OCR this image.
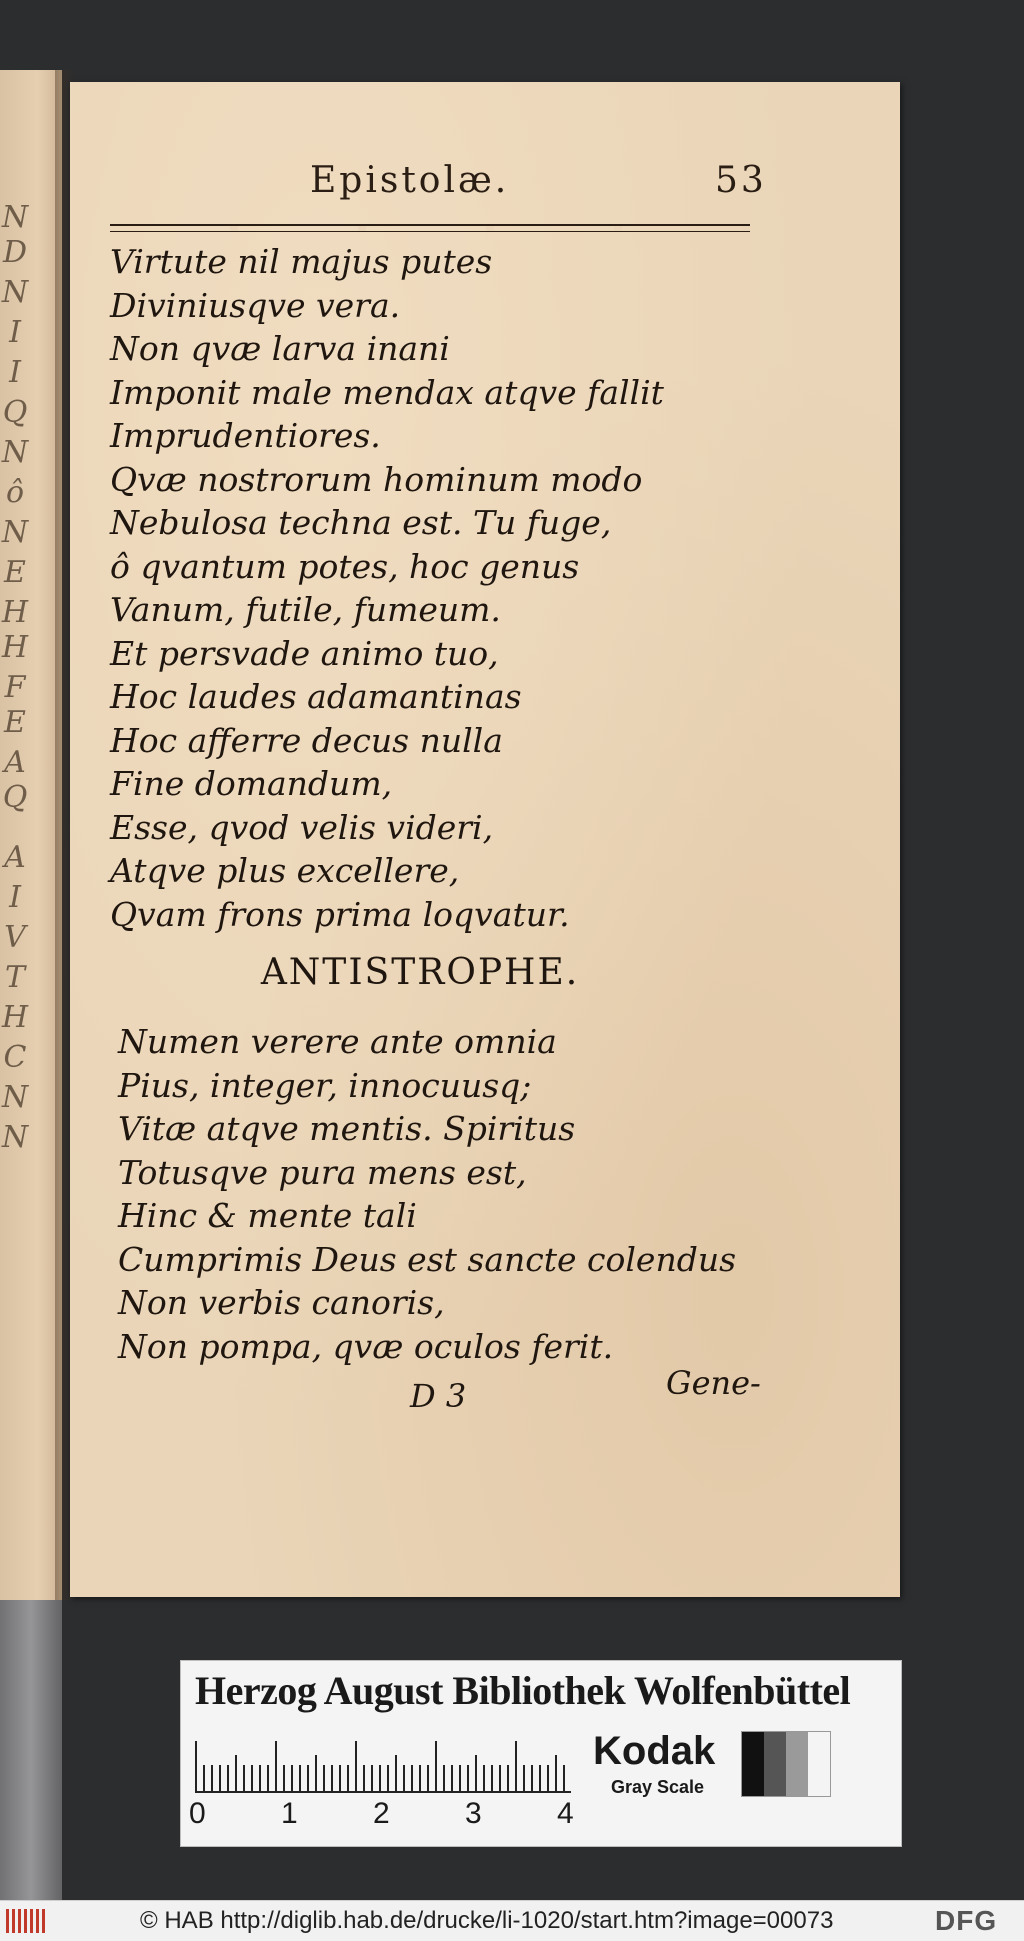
N
D
N
I
I
Q
N
ô
N
E
H
H
F
E
A
Q
A
I
V
T
H
C
N
N
Epistolæ.	53
Virtute nil majus putes
Diviniusqve vera.
Non qvæ larva inani
Imponit male mendax atqve fallit
Imprudentiores.
Qvæ nostrorum hominum modo
Nebulosa techna est. Tu fuge,
ô qvantum potes, hoc genus
Vanum, futile, fumeum.
Et persvade animo tuo,
Hoc laudes adamantinas
Hoc afferre decus nulla
Fine domandum,
Esse, qvod velis videri,
Atqve plus excellere,
Qvam frons prima loqvatur.
ANTISTROPHE.
Numen verere ante omnia
Pius, integer, innocuusq;
Vitæ atqve mentis. Spiritus
Totusqve pura mens est,
Hinc & mente tali
Cumprimis Deus est sancte colendus
Non verbis canoris,
Non pompa, qvæ oculos ferit.
D 3	Gene-
Herzog August Bibliothek Wolfenbüttel
0	1	2	3	4
Kodak
Gray Scale
© HAB http://diglib.hab.de/drucke/li-1020/start.htm?image=00073	DFG
